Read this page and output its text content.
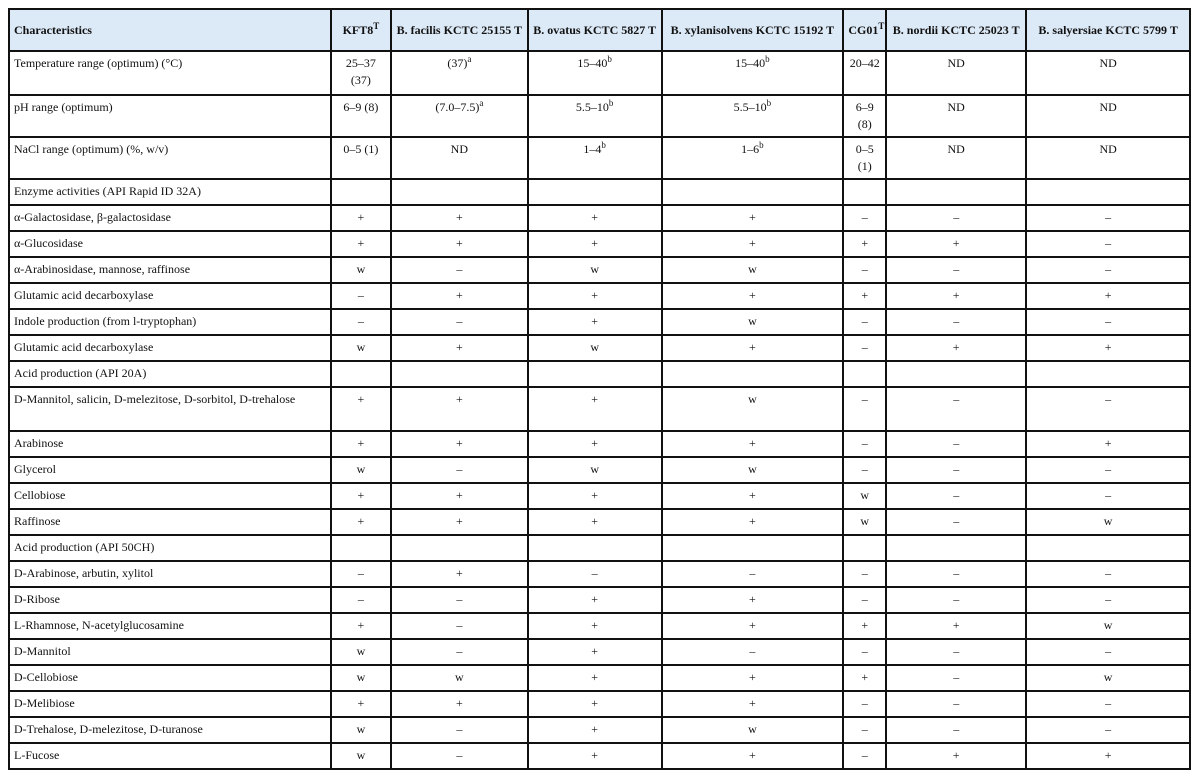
Characteristics	$KFT8^T$	B. facilis KCTC 25155 T	B. ovatus KCTC 5827 T	B. xylanisolvens KCTC 15192 T	$CG01^T$	B. nordii KCTC 25023 T	B. salyersiae KCTC 5799 T
Temperature range (optimum) (°C)	25–37 (37)	$(37)^a$	15–40$^b$	15–40$^b$	20–42	ND	ND
pH range (optimum)	6–9 (8)	$(7.0-7.5)^a$	5.5–10$^b$	5.5–10$^b$	6–9 (8)	ND	ND
NaCl range (optimum) (%, w/v)	0–5 (1)	ND	1–4$^b$	1–6$^b$	0–5 (1)	ND	ND
Enzyme activities (API Rapid ID 32A)							
α-Galactosidase, β-galactosidase	+	+	+	+	–	–	–
α-Glucosidase	+	+	+	+	+	+	–
α-Arabinosidase, mannose, raffinose	w	–	w	w	–	–	–
Glutamic acid decarboxylase	–	+	+	+	+	+	+
Indole production (from l-tryptophan)	–	–	+	w	–	–	–
Glutamic acid decarboxylase	w	+	w	+	–	+	+
Acid production (API 20A)							
D-Mannitol, salicin, D-melezitose, D-sorbitol, D-trehalose	+	+	+	w	–	–	–
Arabinose	+	+	+	+	–	–	+
Glycerol	w	–	w	w	–	–	–
Cellobiose	+	+	+	+	w	–	–
Raffinose	+	+	+	+	w	–	w
Acid production (API 50CH)							
D-Arabinose, arbutin, xylitol	–	+	–	–	–	–	–
D-Ribose	–	–	+	+	–	–	–
L-Rhamnose, N-acetylglucosamine	+	–	+	+	+	+	w
D-Mannitol	w	–	+	–	–	–	–
D-Cellobiose	w	w	+	+	+	–	w
D-Melibiose	+	+	+	+	–	–	–
D-Trehalose, D-melezitose, D-turanose	w	–	+	w	–	–	–
L-Fucose	w	–	+	+	–	+	+
